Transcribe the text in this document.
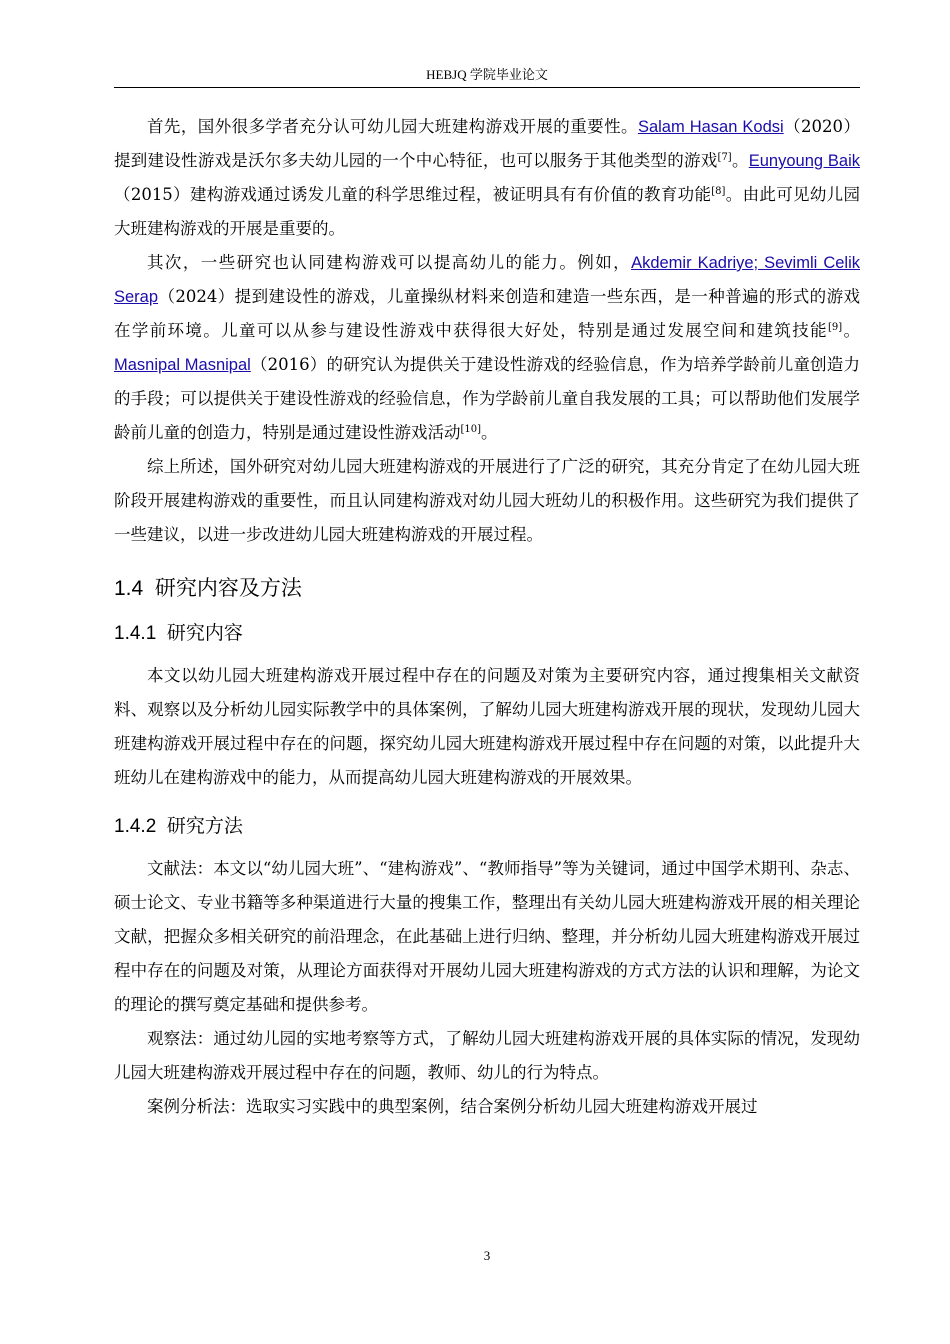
HEBJQ 学院毕业论文

首先，国外很多学者充分认可幼儿园大班建构游戏开展的重要性。Salam Hasan Kodsi（2020）提到建设性游戏是沃尔多夫幼儿园的一个中心特征，也可以服务于其他类型的游戏[7]。Eunyoung Baik（2015）建构游戏通过诱发儿童的科学思维过程，被证明具有有价值的教育功能[8]。由此可见幼儿园大班建构游戏的开展是重要的。

其次，一些研究也认同建构游戏可以提高幼儿的能力。例如，Akdemir Kadriye; Sevimli Celik Serap（2024）提到建设性的游戏，儿童操纵材料来创造和建造一些东西，是一种普遍的形式的游戏在学前环境。儿童可以从参与建设性游戏中获得很大好处，特别是通过发展空间和建筑技能[9]。Masnipal Masnipal（2016）的研究认为提供关于建设性游戏的经验信息，作为培养学龄前儿童创造力的手段；可以提供关于建设性游戏的经验信息，作为学龄前儿童自我发展的工具；可以帮助他们发展学龄前儿童的创造力，特别是通过建设性游戏活动[10]。

综上所述，国外研究对幼儿园大班建构游戏的开展进行了广泛的研究，其充分肯定了在幼儿园大班阶段开展建构游戏的重要性，而且认同建构游戏对幼儿园大班幼儿的积极作用。这些研究为我们提供了一些建议，以进一步改进幼儿园大班建构游戏的开展过程。

1.4 研究内容及方法
1.4.1 研究内容

本文以幼儿园大班建构游戏开展过程中存在的问题及对策为主要研究内容，通过搜集相关文献资料、观察以及分析幼儿园实际教学中的具体案例，了解幼儿园大班建构游戏开展的现状，发现幼儿园大班建构游戏开展过程中存在的问题，探究幼儿园大班建构游戏开展过程中存在问题的对策，以此提升大班幼儿在建构游戏中的能力，从而提高幼儿园大班建构游戏的开展效果。

1.4.2 研究方法

文献法：本文以“幼儿园大班”、“建构游戏”、“教师指导”等为关键词，通过中国学术期刊、杂志、硕士论文、专业书籍等多种渠道进行大量的搜集工作，整理出有关幼儿园大班建构游戏开展的相关理论文献，把握众多相关研究的前沿理念，在此基础上进行归纳、整理，并分析幼儿园大班建构游戏开展过程中存在的问题及对策，从理论方面获得对开展幼儿园大班建构游戏的方式方法的认识和理解，为论文的理论的撰写奠定基础和提供参考。

观察法：通过幼儿园的实地考察等方式，了解幼儿园大班建构游戏开展的具体实际的情况，发现幼儿园大班建构游戏开展过程中存在的问题，教师、幼儿的行为特点。

案例分析法：选取实习实践中的典型案例，结合案例分析幼儿园大班建构游戏开展过

3
